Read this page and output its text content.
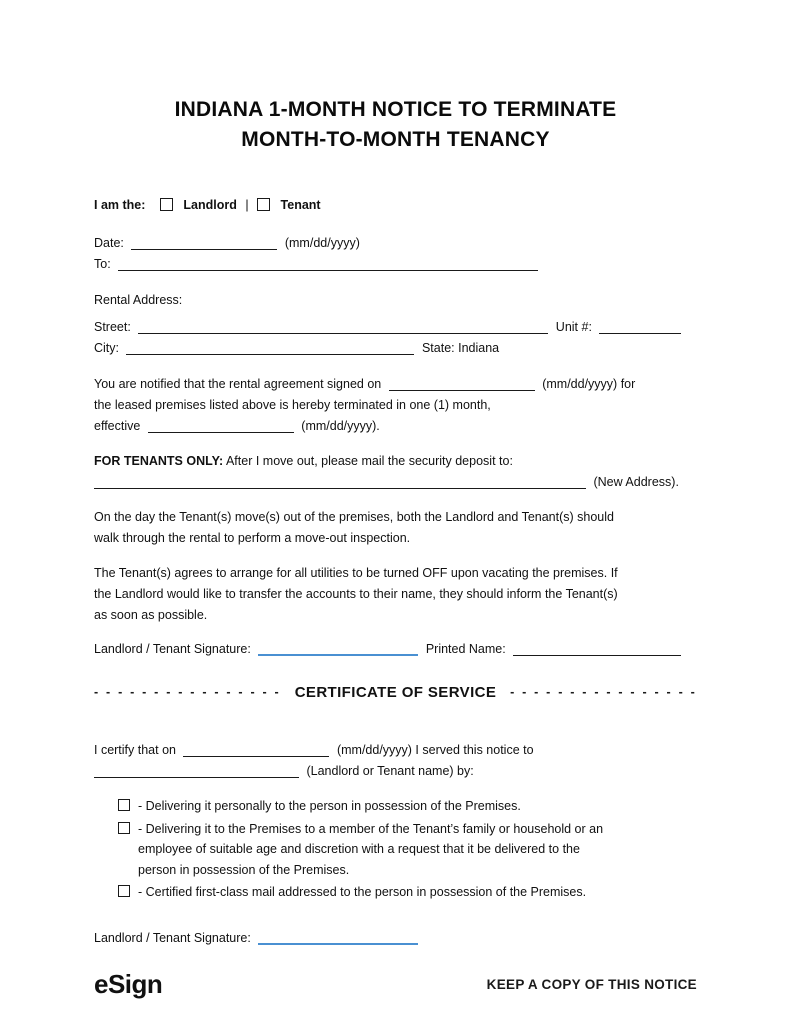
INDIANA 1-MONTH NOTICE TO TERMINATE
MONTH-TO-MONTH TENANCY
I am the:	Landlord |	Tenant
Date:	(mm/dd/yyyy)
To:
Rental Address:
Street:	Unit #:
City:	State: Indiana
You are notified that the rental agreement signed on	(mm/dd/yyyy) for
the leased premises listed above is hereby terminated in one (1) month,
effective	(mm/dd/yyyy).
FOR TENANTS ONLY: After I move out, please mail the security deposit to:
(New Address).
On the day the Tenant(s) move(s) out of the premises, both the Landlord and Tenant(s) should
walk through the rental to perform a move-out inspection.
The Tenant(s) agrees to arrange for all utilities to be turned OFF upon vacating the premises. If
the Landlord would like to transfer the accounts to their name, they should inform the Tenant(s)
as soon as possible.
Landlord / Tenant Signature:	Printed Name:
- - - - - - - - - - - - - - - - CERTIFICATE OF SERVICE	- - - - - - - - - - - - - - - -
I certify that on	(mm/dd/yyyy) I served this notice to
(Landlord or Tenant name) by:
- Delivering it personally to the person in possession of the Premises.
- Delivering it to the Premises to a member of the Tenant’s family or household or an
employee of suitable age and discretion with a request that it be delivered to the
person in possession of the Premises.
- Certified first-class mail addressed to the person in possession of the Premises.
Landlord / Tenant Signature:
eSign	KEEP A COPY OF THIS NOTICE
